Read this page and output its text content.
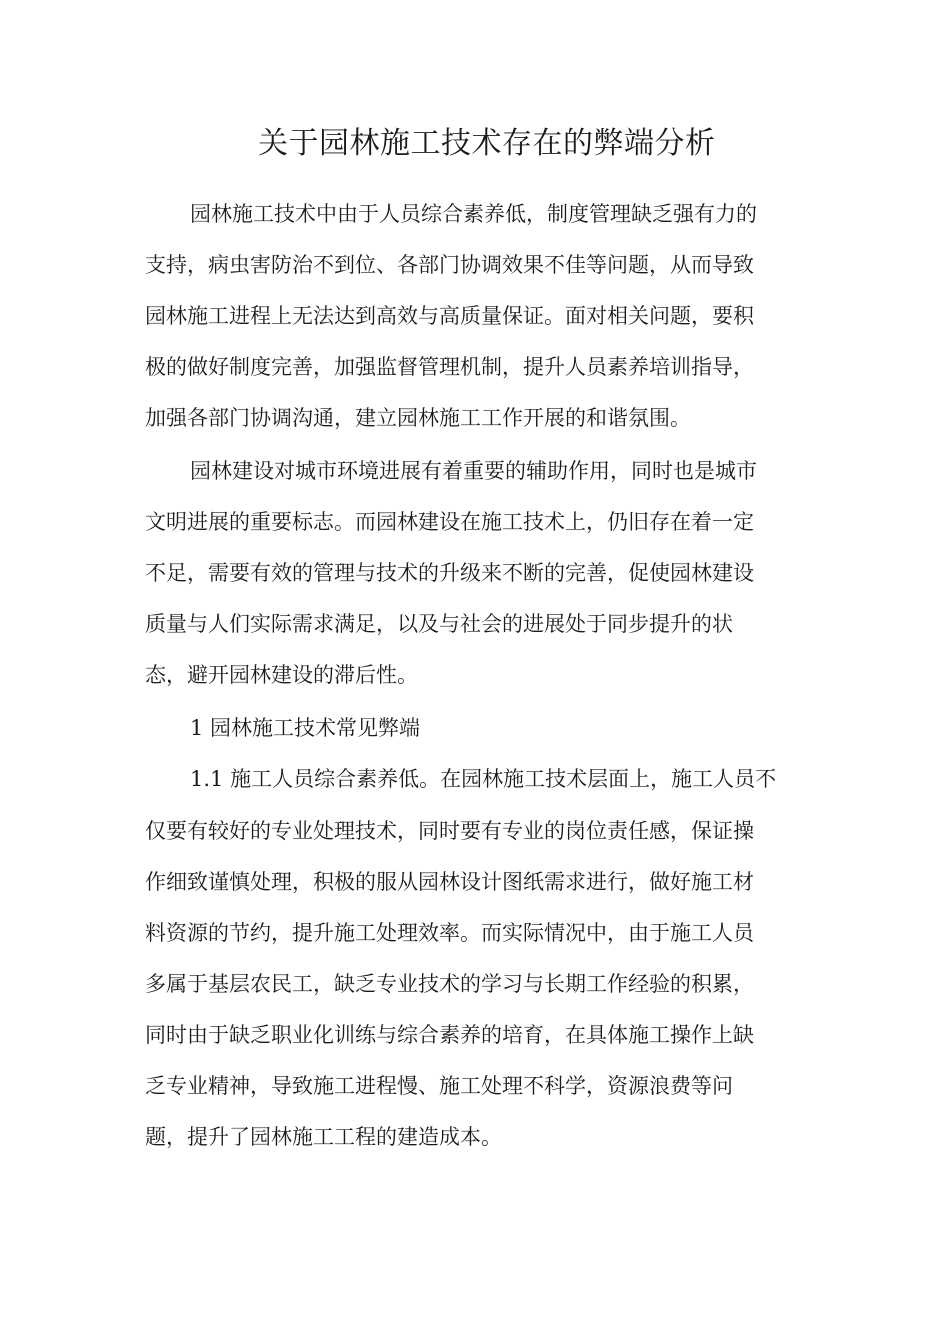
关于园林施工技术存在的弊端分析
园林施工技术中由于人员综合素养低，制度管理缺乏强有力的
支持，病虫害防治不到位、各部门协调效果不佳等问题，从而导致
园林施工进程上无法达到高效与高质量保证。面对相关问题，要积
极的做好制度完善，加强监督管理机制，提升人员素养培训指导，
加强各部门协调沟通，建立园林施工工作开展的和谐氛围。
园林建设对城市环境进展有着重要的辅助作用，同时也是城市
文明进展的重要标志。而园林建设在施工技术上，仍旧存在着一定
不足，需要有效的管理与技术的升级来不断的完善，促使园林建设
质量与人们实际需求满足，以及与社会的进展处于同步提升的状
态，避开园林建设的滞后性。
1 园林施工技术常见弊端
1.1 施工人员综合素养低。在园林施工技术层面上，施工人员不
仅要有较好的专业处理技术，同时要有专业的岗位责任感，保证操
作细致谨慎处理，积极的服从园林设计图纸需求进行，做好施工材
料资源的节约，提升施工处理效率。而实际情况中，由于施工人员
多属于基层农民工，缺乏专业技术的学习与长期工作经验的积累，
同时由于缺乏职业化训练与综合素养的培育，在具体施工操作上缺
乏专业精神，导致施工进程慢、施工处理不科学，资源浪费等问
题，提升了园林施工工程的建造成本。
